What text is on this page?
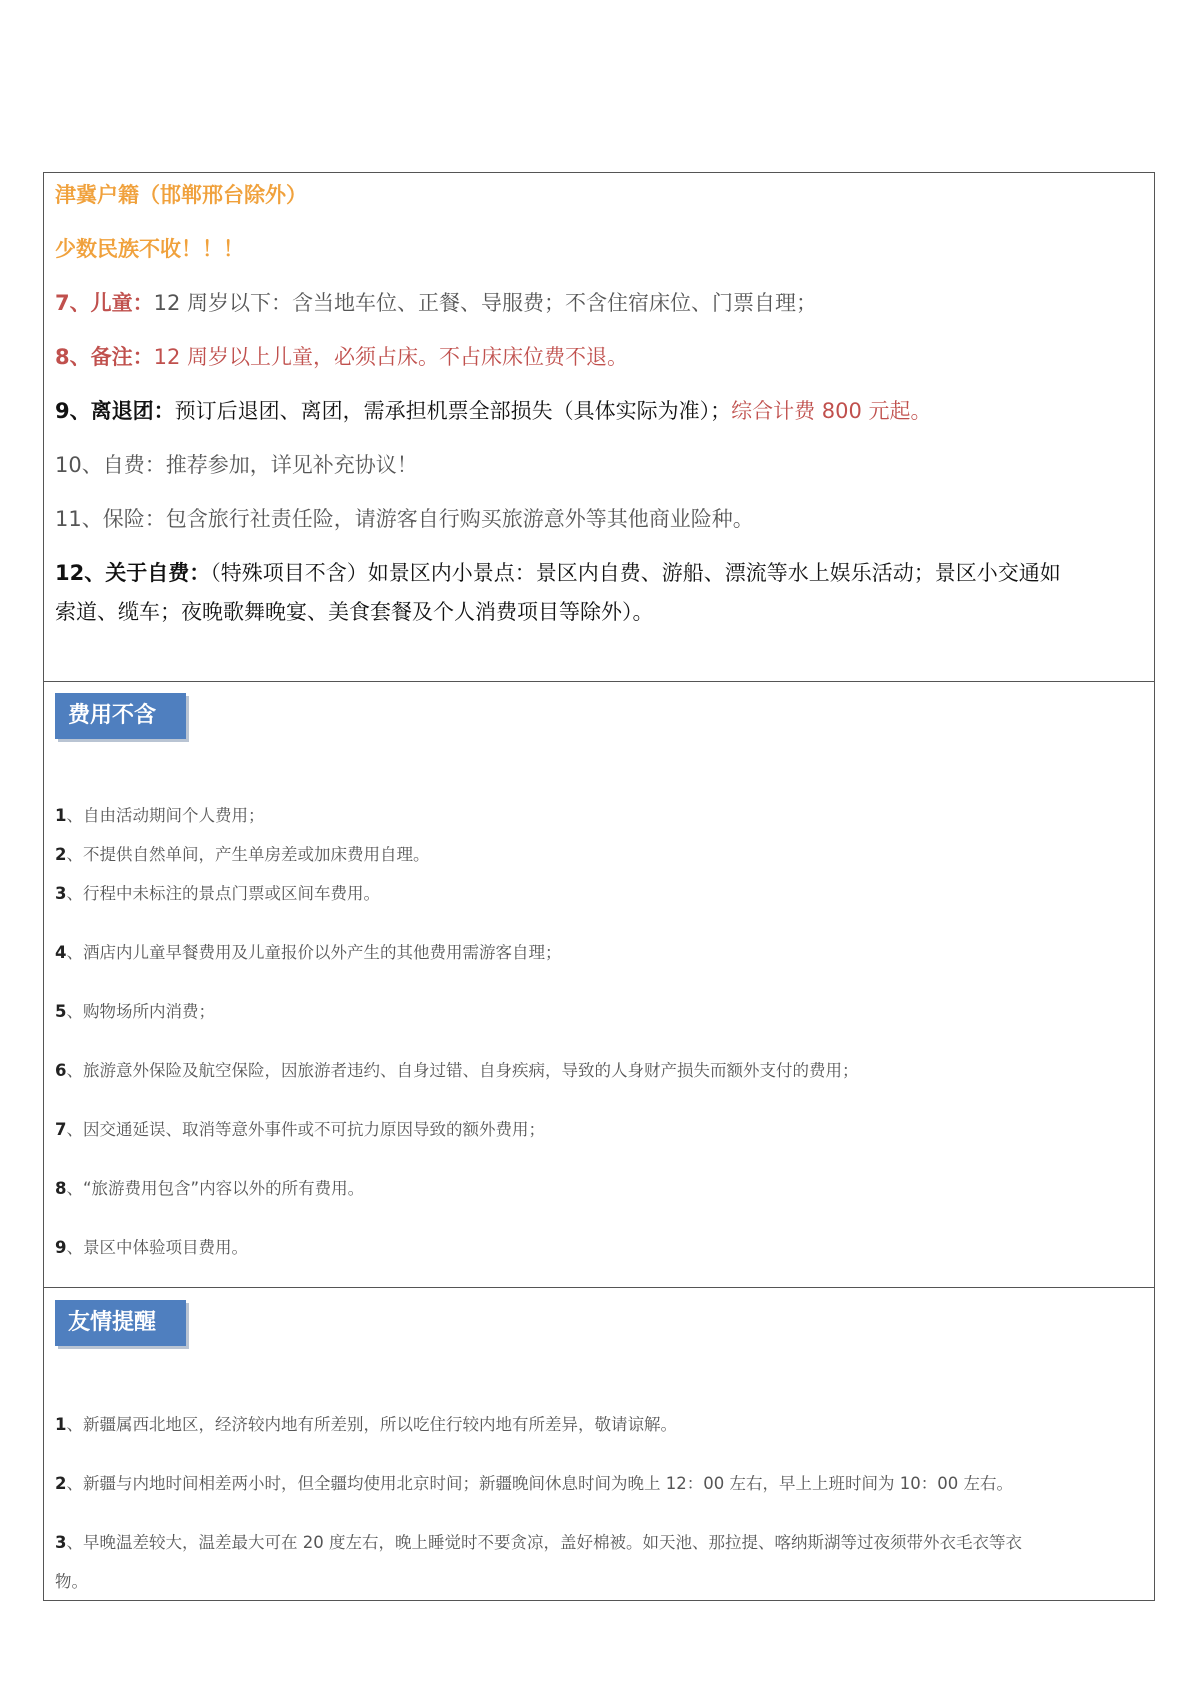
津冀户籍（邯郸邢台除外）
少数民族不收！！！
7、儿童：12 周岁以下：含当地车位、正餐、导服费；不含住宿床位、门票自理；
8、备注：12 周岁以上儿童，必须占床。不占床床位费不退。
9、离退团：预订后退团、离团，需承担机票全部损失（具体实际为准）；综合计费 800 元起。
10、自费：推荐参加，详见补充协议！
11、保险：包含旅行社责任险，请游客自行购买旅游意外等其他商业险种。
12、关于自费：（特殊项目不含）如景区内小景点：景区内自费、游船、漂流等水上娱乐活动；景区小交通如
索道、缆车；夜晚歌舞晚宴、美食套餐及个人消费项目等除外）。
费用不含
1、自由活动期间个人费用；
2、不提供自然单间，产生单房差或加床费用自理。
3、行程中未标注的景点门票或区间车费用。
4、酒店内儿童早餐费用及儿童报价以外产生的其他费用需游客自理；
5、购物场所内消费；
6、旅游意外保险及航空保险，因旅游者违约、自身过错、自身疾病，导致的人身财产损失而额外支付的费用；
7、因交通延误、取消等意外事件或不可抗力原因导致的额外费用；
8、“旅游费用包含”内容以外的所有费用。
9、景区中体验项目费用。
友情提醒
1、新疆属西北地区，经济较内地有所差别，所以吃住行较内地有所差异，敬请谅解。
2、新疆与内地时间相差两小时，但全疆均使用北京时间；新疆晚间休息时间为晚上 12：00 左右，早上上班时间为 10：00 左右。
3、早晚温差较大，温差最大可在 20 度左右，晚上睡觉时不要贪凉，盖好棉被。如天池、那拉提、喀纳斯湖等过夜须带外衣毛衣等衣
物。
